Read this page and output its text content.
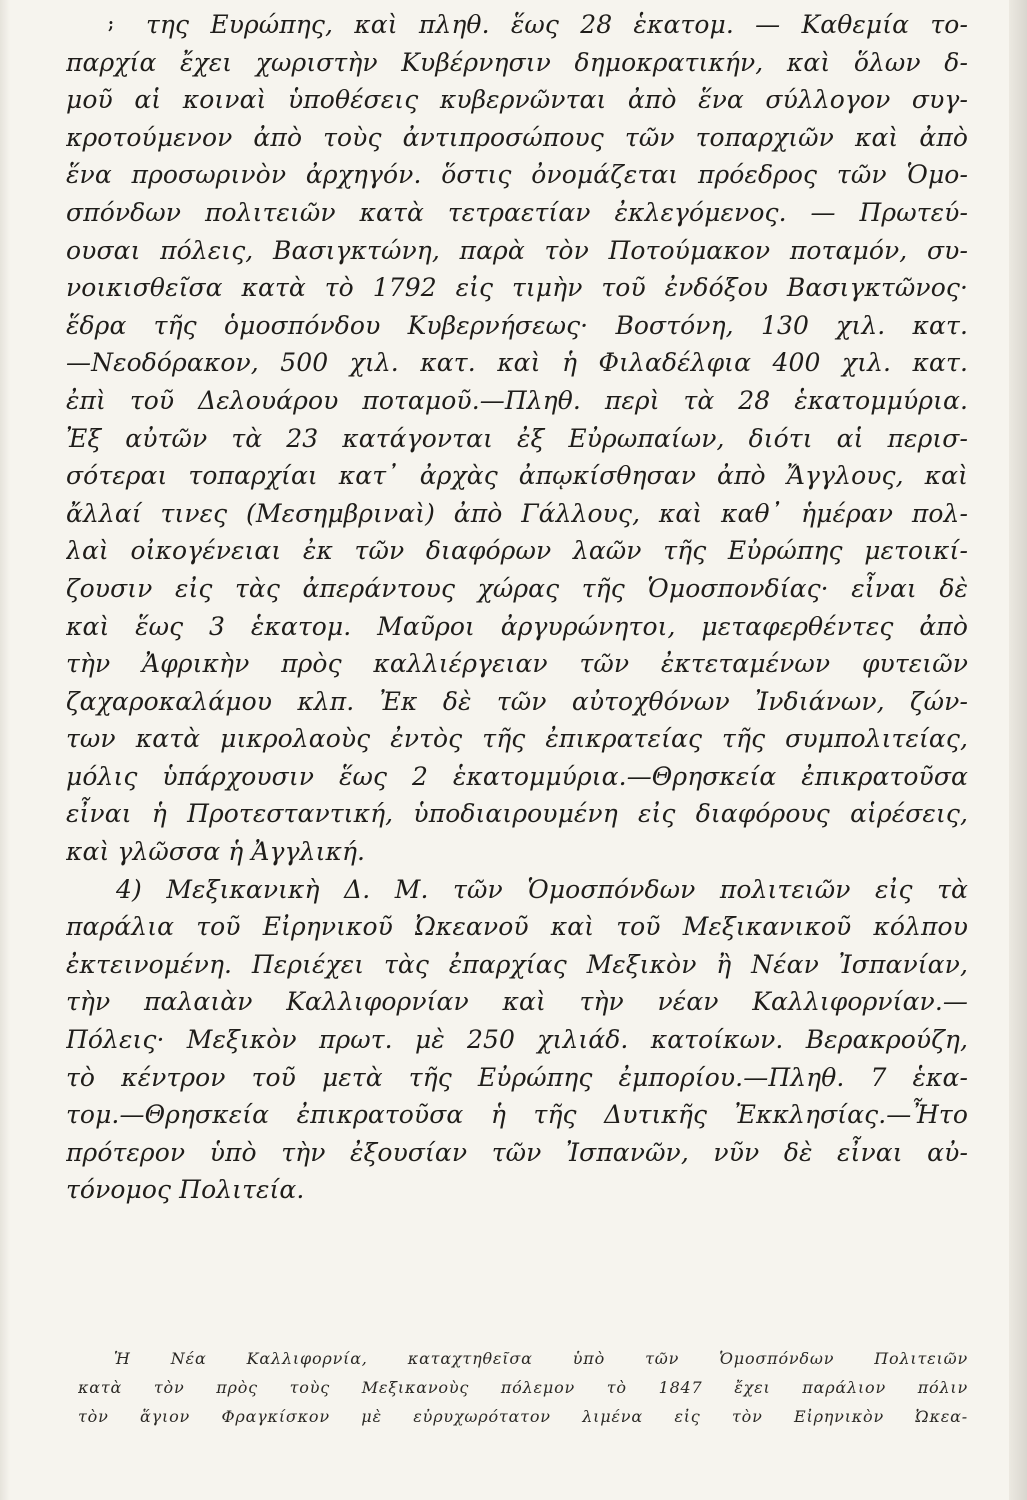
;	της Ευρώπης, καὶ πληθ. ἕως 28 ἑκατομ. — Καθεμία το-
παρχία ἔχει χωριστὴν Κυβέρνησιν δημοκρατικήν, καὶ ὅλων δ-
μοῦ αἱ κοιναὶ ὑποθέσεις κυβερνῶνται ἀπὸ ἕνα σύλλογον συγ-
κροτούμενον ἀπὸ τοὺς ἀντιπροσώπους τῶν τοπαρχιῶν καὶ ἀπὸ
ἕνα προσωρινὸν ἀρχηγόν. ὅστις ὀνομάζεται πρόεδρος τῶν Ὁμο-
σπόνδων πολιτειῶν κατὰ τετραετίαν ἐκλεγόμενος. — Πρωτεύ-
ουσαι πόλεις, Βασιγκτώνη, παρὰ τὸν Ποτούμακον ποταμόν, συ-
νοικισθεῖσα κατὰ τὸ 1792 εἰς τιμὴν τοῦ ἐνδόξου Βασιγκτῶνος·
ἕδρα τῆς ὁμοσπόνδου Κυβερνήσεως· Βοστόνη, 130 χιλ. κατ.
—Νεοδόρακον, 500 χιλ. κατ. καὶ ἡ Φιλαδέλφια 400 χιλ. κατ.
ἐπὶ τοῦ Δελουάρου ποταμοῦ.—Πληθ. περὶ τὰ 28 ἑκατομμύρια.
Ἐξ αὐτῶν τὰ 23 κατάγονται ἐξ Εὐρωπαίων, διότι αἱ περισ-
σότεραι τοπαρχίαι κατ᾽ ἀρχὰς ἀπῳκίσθησαν ἀπὸ Ἄγγλους, καὶ
ἄλλαί τινες (Μεσημβριναὶ) ἀπὸ Γάλλους, καὶ καθ᾽ ἡμέραν πολ-
λαὶ οἰκογένειαι ἐκ τῶν διαφόρων λαῶν τῆς Εὐρώπης μετοικί-
ζουσιν εἰς τὰς ἀπεράντους χώρας τῆς Ὁμοσπονδίας· εἶναι δὲ
καὶ ἕως 3 ἑκατομ. Μαῦροι ἀργυρώνητοι, μεταφερθέντες ἀπὸ
τὴν Ἀφρικὴν πρὸς καλλιέργειαν τῶν ἐκτεταμένων φυτειῶν
ζαχαροκαλάμου κλπ. Ἐκ δὲ τῶν αὐτοχθόνων Ἰνδιάνων, ζών-
των κατὰ μικρολαοὺς ἐντὸς τῆς ἐπικρατείας τῆς συμπολιτείας,
μόλις ὑπάρχουσιν ἕως 2 ἑκατομμύρια.—Θρησκεία ἐπικρατοῦσα
εἶναι ἡ Προτεσταντική, ὑποδιαιρουμένη εἰς διαφόρους αἱρέσεις,
καὶ γλῶσσα ἡ Ἀγγλική.
4) Μεξικανικὴ Δ. Μ. τῶν Ὁμοσπόνδων πολιτειῶν εἰς τὰ
παράλια τοῦ Εἰρηνικοῦ Ὠκεανοῦ καὶ τοῦ Μεξικανικοῦ κόλπου
ἐκτεινομένη. Περιέχει τὰς ἐπαρχίας Μεξικὸν ἢ Νέαν Ἰσπανίαν,
τὴν παλαιὰν Καλλιφορνίαν καὶ τὴν νέαν Καλλιφορνίαν.—
Πόλεις· Μεξικὸν πρωτ. μὲ 250 χιλιάδ. κατοίκων. Βερακρούζη,
τὸ κέντρον τοῦ μετὰ τῆς Εὐρώπης ἐμπορίου.—Πληθ. 7 ἑκα-
τομ.—Θρησκεία ἐπικρατοῦσα ἡ τῆς Δυτικῆς Ἐκκλησίας.—Ἦτο
πρότερον ὑπὸ τὴν ἐξουσίαν τῶν Ἰσπανῶν, νῦν δὲ εἶναι αὐ-
τόνομος Πολιτεία.
Ἡ Νέα Καλλιφορνία, καταχτηθεῖσα ὑπὸ τῶν Ὁμοσπόνδων Πολιτειῶν
κατὰ τὸν πρὸς τοὺς Μεξικανοὺς πόλεμον τὸ 1847 ἔχει παράλιον πόλιν
τὸν ἅγιον Φραγκίσκον μὲ εὐρυχωρότατον λιμένα εἰς τὸν Εἰρηνικὸν Ὠκεα-
